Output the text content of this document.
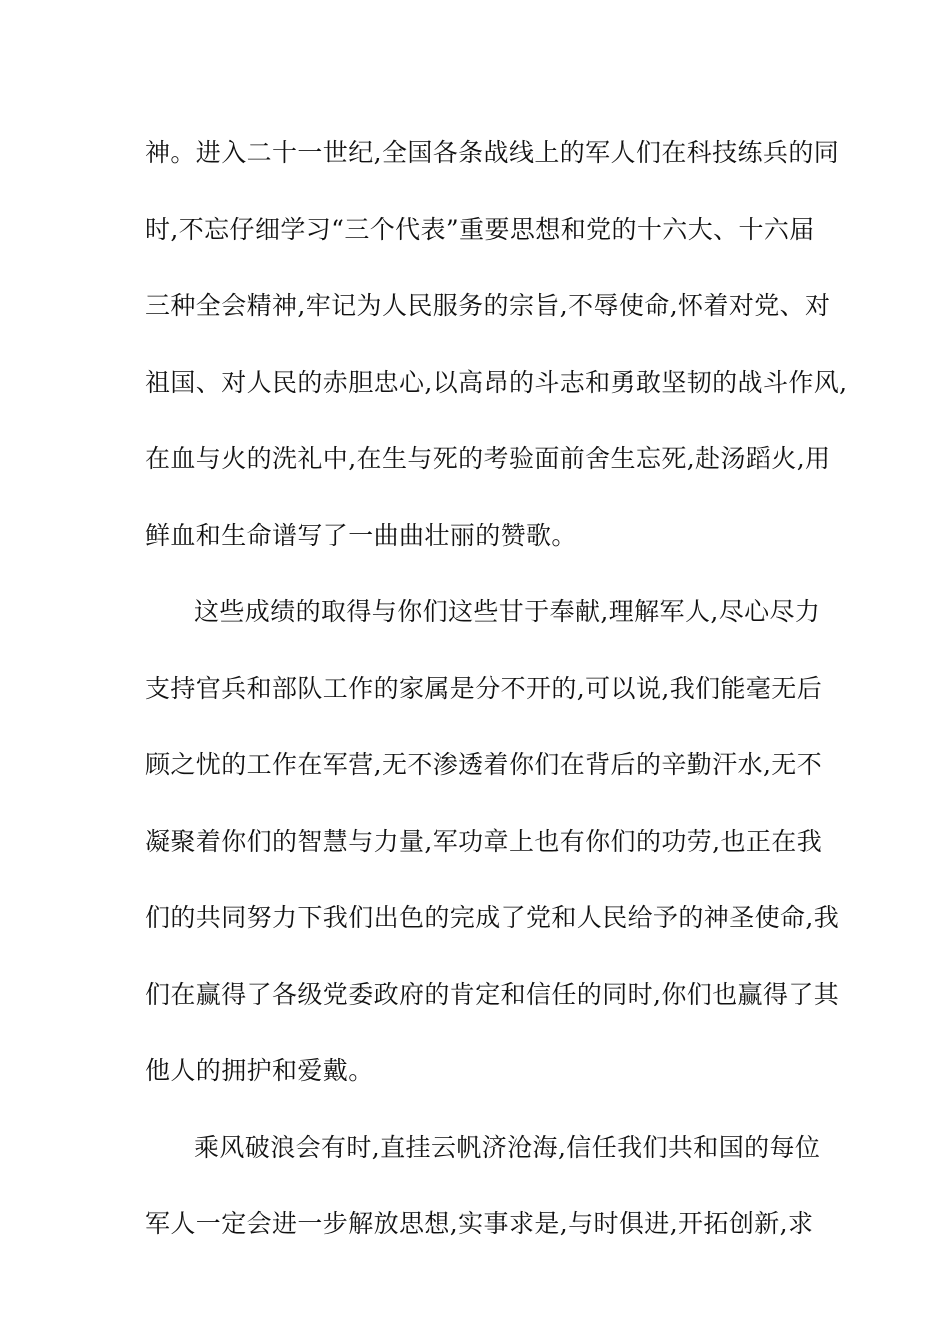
神。进入二十一世纪,全国各条战线上的军人们在科技练兵的同
时,不忘仔细学习“三个代表”重要思想和党的十六大、十六届
三种全会精神,牢记为人民服务的宗旨,不辱使命,怀着对党、对
祖国、对人民的赤胆忠心,以高昂的斗志和勇敢坚韧的战斗作风,
在血与火的洗礼中,在生与死的考验面前舍生忘死,赴汤蹈火,用
鲜血和生命谱写了一曲曲壮丽的赞歌。
这些成绩的取得与你们这些甘于奉献,理解军人,尽心尽力
支持官兵和部队工作的家属是分不开的,可以说,我们能毫无后
顾之忧的工作在军营,无不渗透着你们在背后的辛勤汗水,无不
凝聚着你们的智慧与力量,军功章上也有你们的功劳,也正在我
们的共同努力下我们出色的完成了党和人民给予的神圣使命,我
们在赢得了各级党委政府的肯定和信任的同时,你们也赢得了其
他人的拥护和爱戴。
乘风破浪会有时,直挂云帆济沧海,信任我们共和国的每位
军人一定会进一步解放思想,实事求是,与时俱进,开拓创新,求
